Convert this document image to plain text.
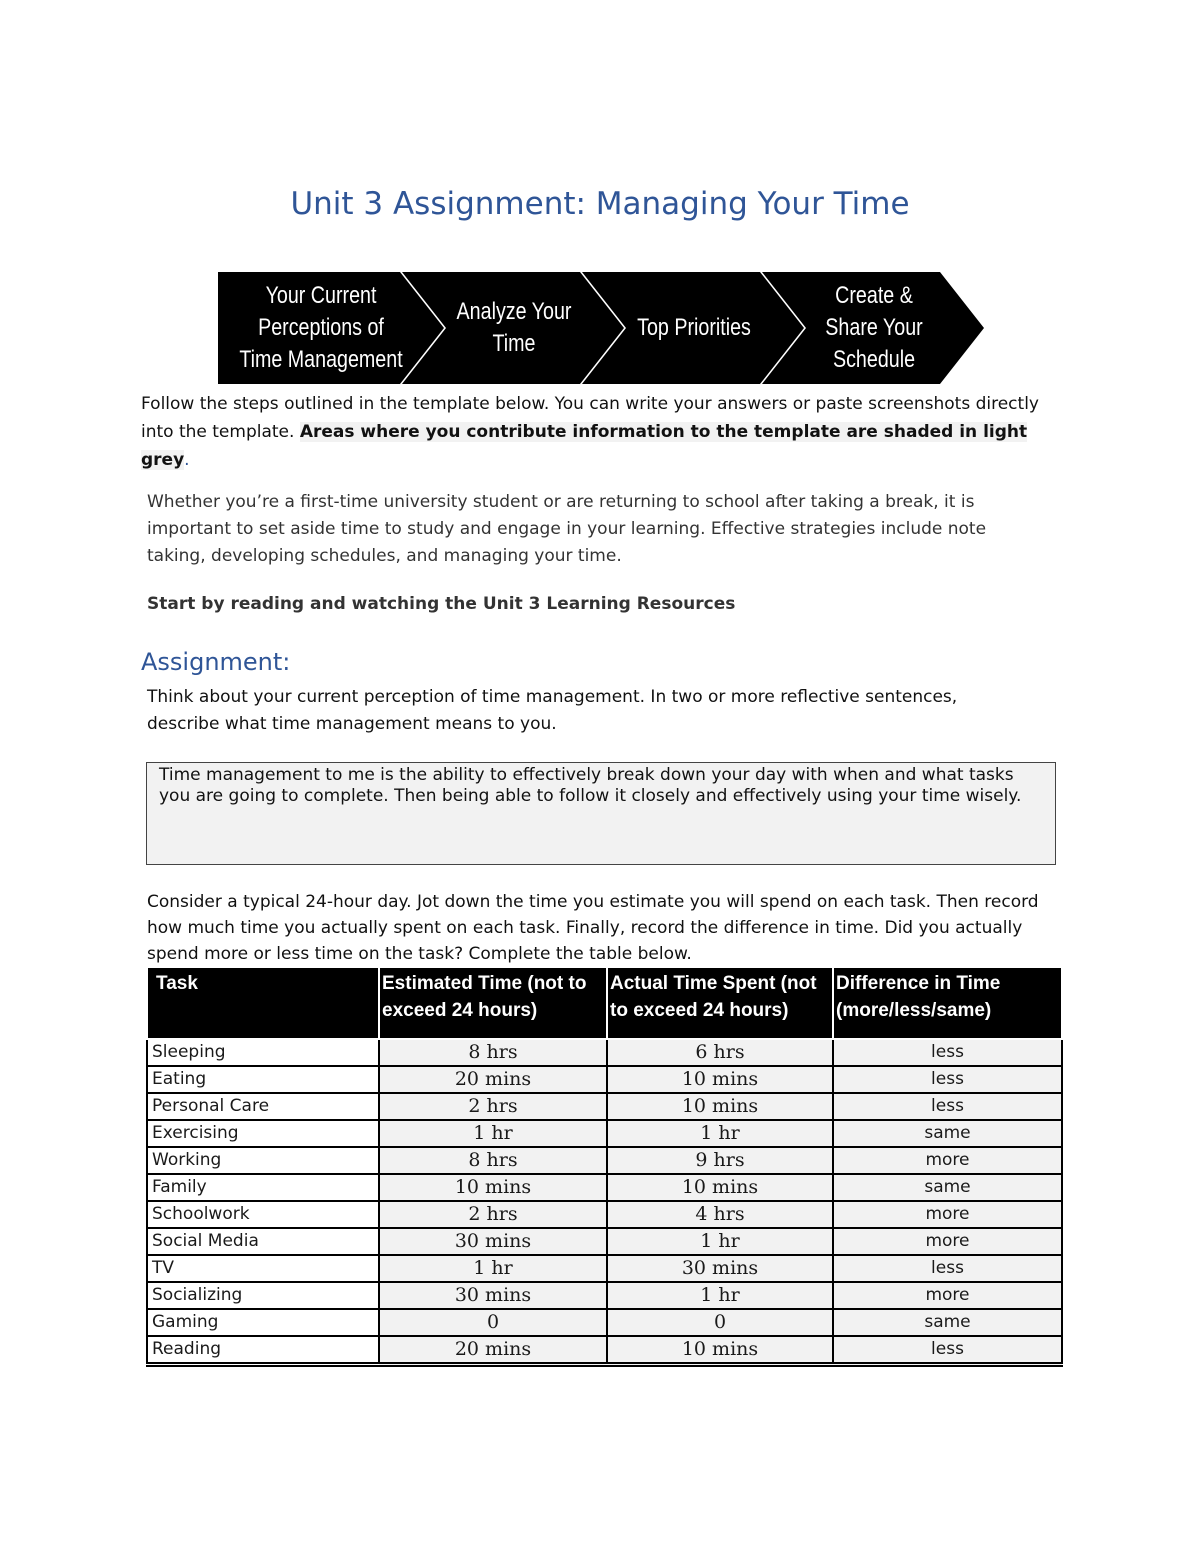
Unit 3 Assignment: Managing Your Time
Your Current Perceptions of Time Management
Analyze Your Time
Top Priorities
Create & Share Your Schedule
Follow the steps outlined in the template below. You can write your answers or paste screenshots directly into the template. Areas where you contribute information to the template are shaded in light grey.
Whether you’re a first-time university student or are returning to school after taking a break, it is important to set aside time to study and engage in your learning. Effective strategies include note taking, developing schedules, and managing your time.
Start by reading and watching the Unit 3 Learning Resources
Assignment:
Think about your current perception of time management. In two or more reflective sentences, describe what time management means to you.
Time management to me is the ability to effectively break down your day with when and what tasks you are going to complete. Then being able to follow it closely and effectively using your time wisely.
Consider a typical 24-hour day. Jot down the time you estimate you will spend on each task. Then record how much time you actually spent on each task. Finally, record the difference in time. Did you actually spend more or less time on the task? Complete the table below.
Task	Estimated Time (not to exceed 24 hours)	Actual Time Spent (not to exceed 24 hours)	Difference in Time (more/less/same)
Sleeping	8 hrs	6 hrs	less
Eating	20 mins	10 mins	less
Personal Care	2 hrs	10 mins	less
Exercising	1 hr	1 hr	same
Working	8 hrs	9 hrs	more
Family	10 mins	10 mins	same
Schoolwork	2 hrs	4 hrs	more
Social Media	30 mins	1 hr	more
TV	1 hr	30 mins	less
Socializing	30 mins	1 hr	more
Gaming	0	0	same
Reading	20 mins	10 mins	less
